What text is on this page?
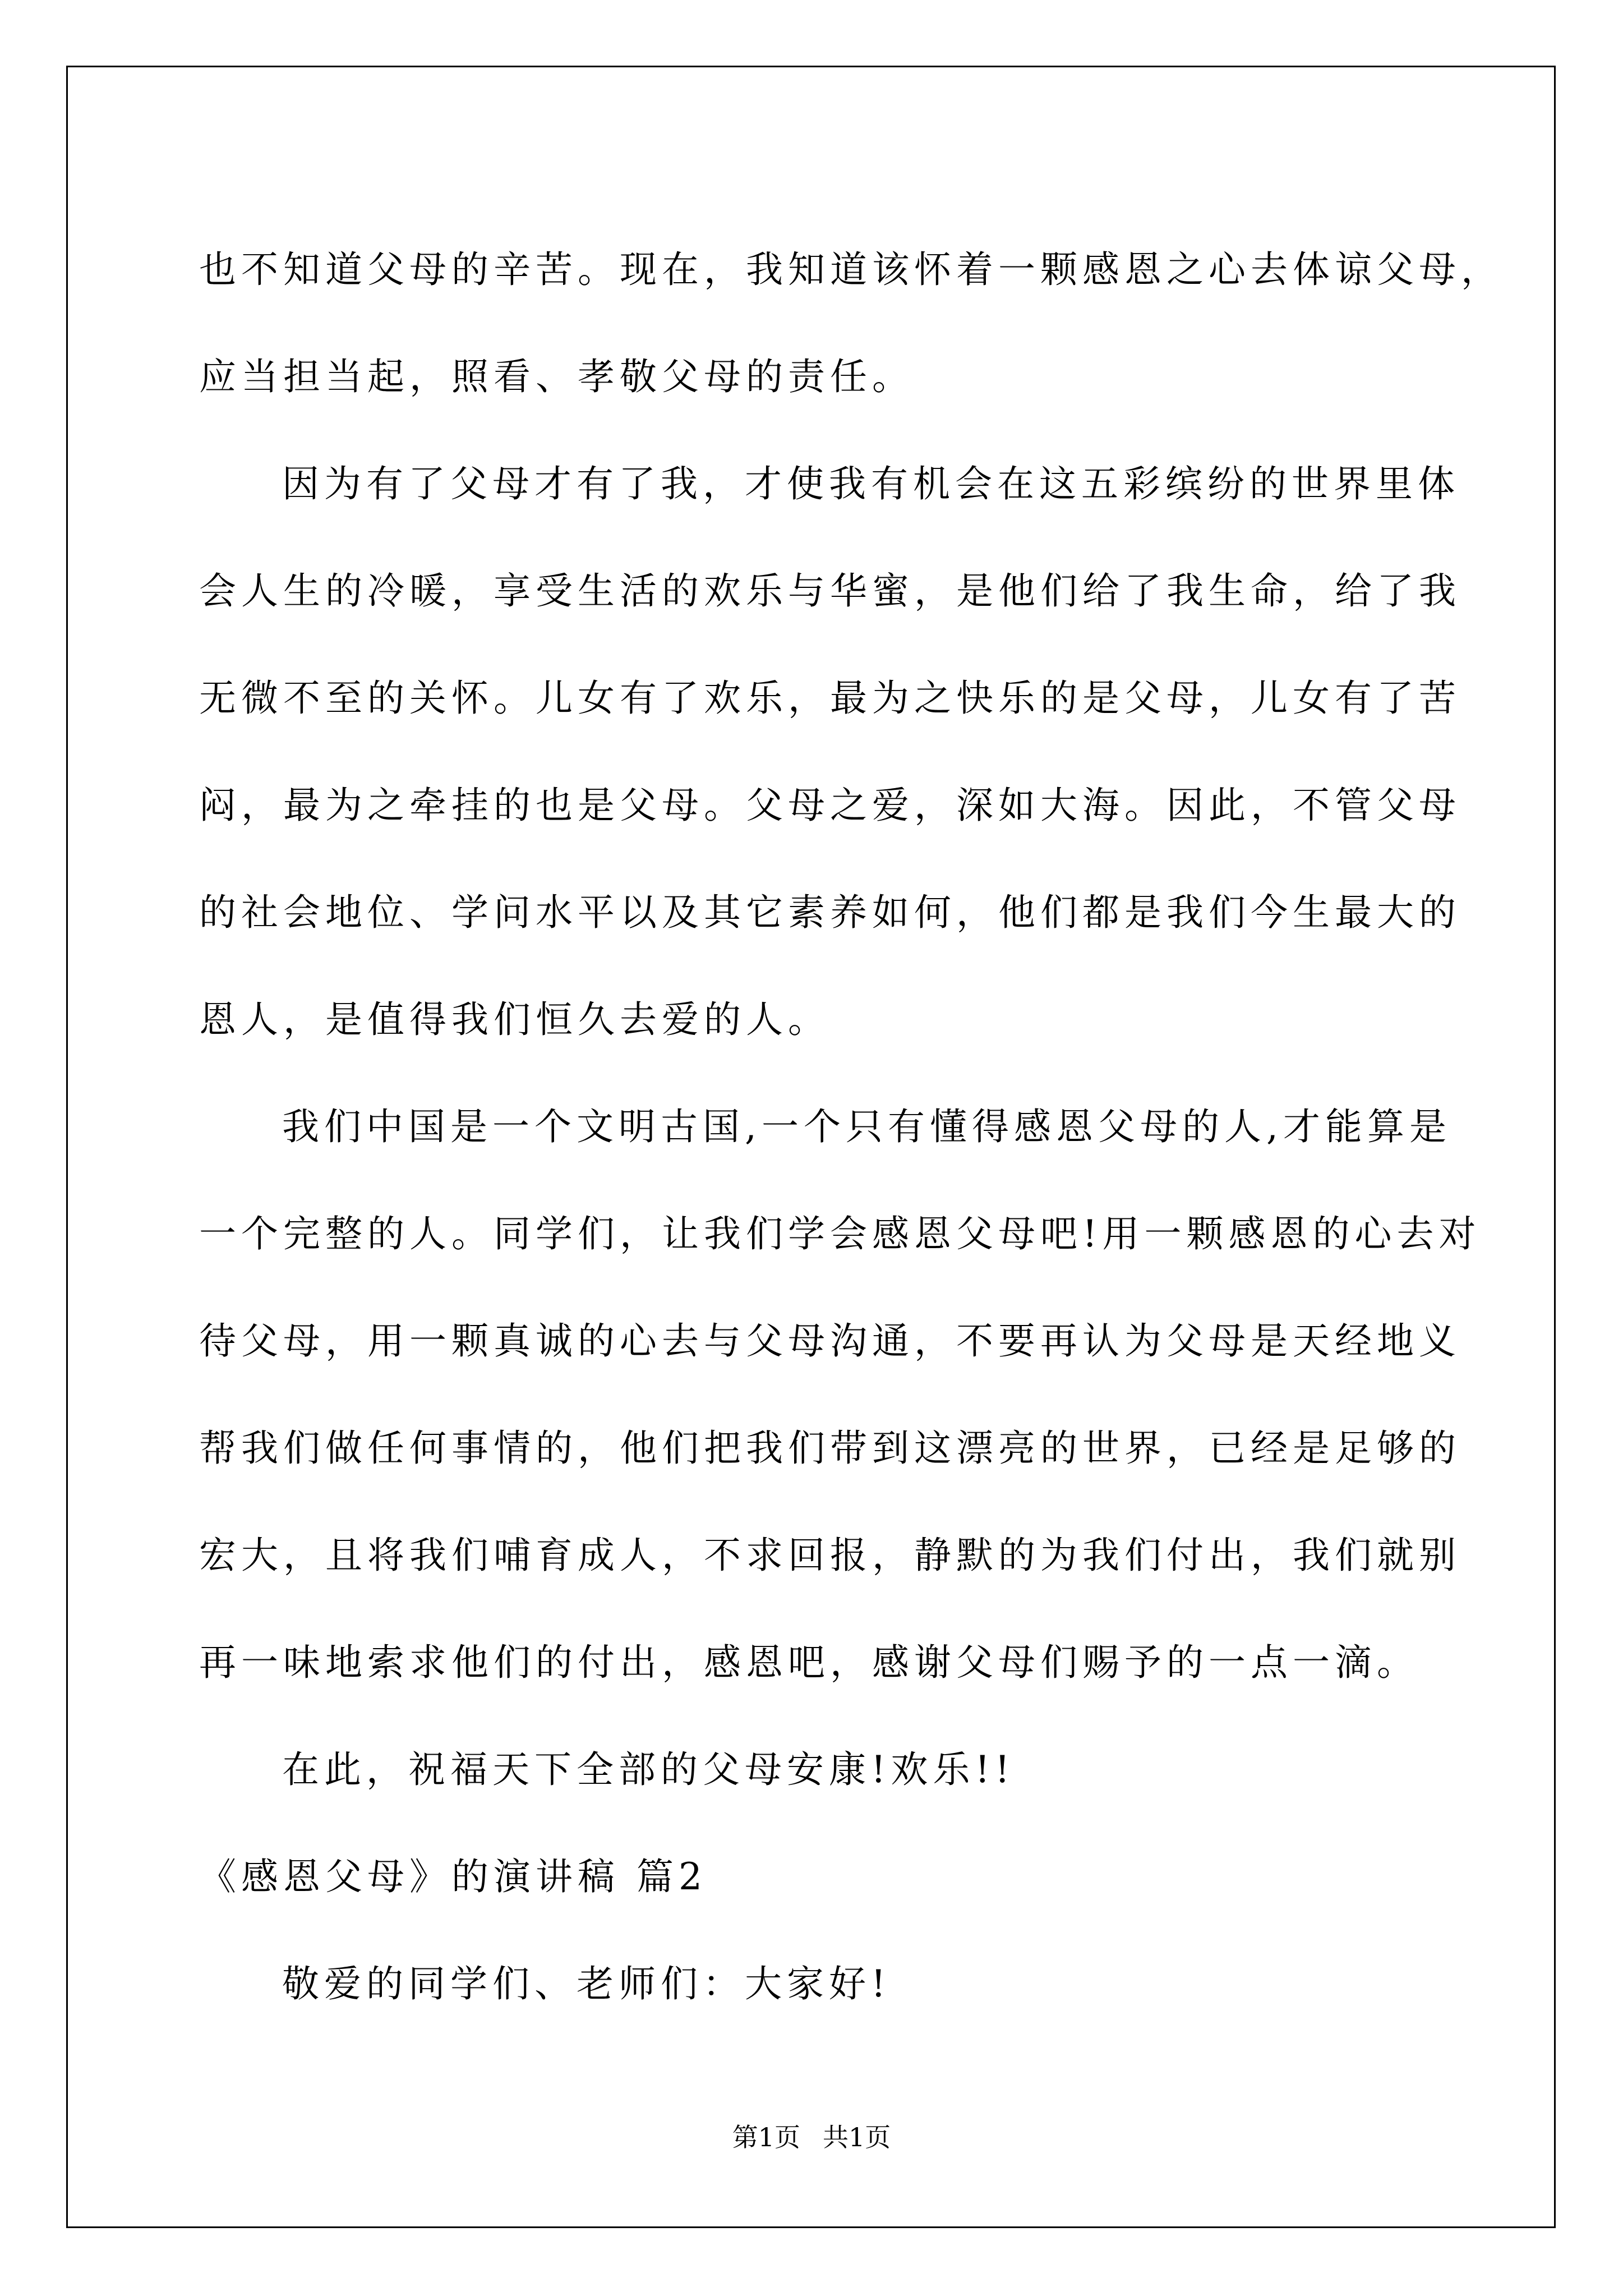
也不知道父母的辛苦。现在，我知道该怀着一颗感恩之心去体谅父母，
应当担当起，照看、孝敬父母的责任。
因为有了父母才有了我，才使我有机会在这五彩缤纷的世界里体
会人生的冷暖，享受生活的欢乐与华蜜，是他们给了我生命，给了我
无微不至的关怀。儿女有了欢乐，最为之快乐的是父母，儿女有了苦
闷，最为之牵挂的也是父母。父母之爱，深如大海。因此，不管父母
的社会地位、学问水平以及其它素养如何，他们都是我们今生最大的
恩人，是值得我们恒久去爱的人。
我们中国是一个文明古国,一个只有懂得感恩父母的人,才能算是
一个完整的人。同学们，让我们学会感恩父母吧!用一颗感恩的心去对
待父母，用一颗真诚的心去与父母沟通，不要再认为父母是天经地义
帮我们做任何事情的，他们把我们带到这漂亮的世界，已经是足够的
宏大，且将我们哺育成人，不求回报，静默的为我们付出，我们就别
再一味地索求他们的付出，感恩吧，感谢父母们赐予的一点一滴。
在此，祝福天下全部的父母安康!欢乐!!
《感恩父母》的演讲稿 篇2
敬爱的同学们、老师们：大家好!
第1页 共1页
